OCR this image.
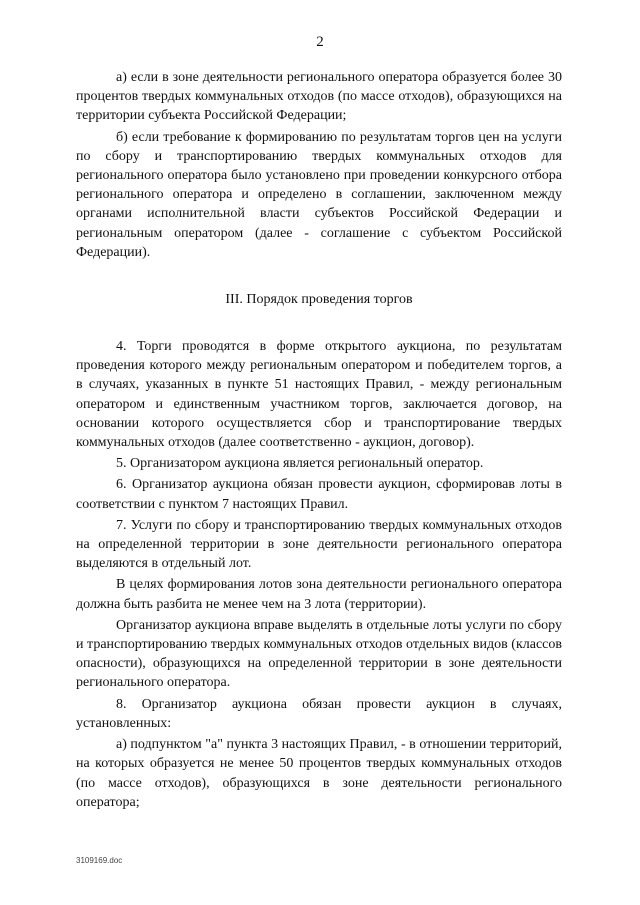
2

а) если в зоне деятельности регионального оператора образуется более 30 процентов твердых коммунальных отходов (по массе отходов), образующихся на территории субъекта Российской Федерации;

б) если требование к формированию по результатам торгов цен на услуги по сбору и транспортированию твердых коммунальных отходов для регионального оператора было установлено при проведении конкурсного отбора регионального оператора и определено в соглашении, заключенном между органами исполнительной власти субъектов Российской Федерации и региональным оператором (далее - соглашение с субъектом Российской Федерации).

III. Порядок проведения торгов

4. Торги проводятся в форме открытого аукциона, по результатам проведения которого между региональным оператором и победителем торгов, а в случаях, указанных в пункте 51 настоящих Правил, - между региональным оператором и единственным участником торгов, заключается договор, на основании которого осуществляется сбор и транспортирование твердых коммунальных отходов (далее соответственно - аукцион, договор).

5. Организатором аукциона является региональный оператор.

6. Организатор аукциона обязан провести аукцион, сформировав лоты в соответствии с пунктом 7 настоящих Правил.

7. Услуги по сбору и транспортированию твердых коммунальных отходов на определенной территории в зоне деятельности регионального оператора выделяются в отдельный лот.

В целях формирования лотов зона деятельности регионального оператора должна быть разбита не менее чем на 3 лота (территории).

Организатор аукциона вправе выделять в отдельные лоты услуги по сбору и транспортированию твердых коммунальных отходов отдельных видов (классов опасности), образующихся на определенной территории в зоне деятельности регионального оператора.

8. Организатор аукциона обязан провести аукцион в случаях, установленных:

а) подпунктом "а" пункта 3 настоящих Правил, - в отношении территорий, на которых образуется не менее 50 процентов твердых коммунальных отходов (по массе отходов), образующихся в зоне деятельности регионального оператора;

3109169.doc
